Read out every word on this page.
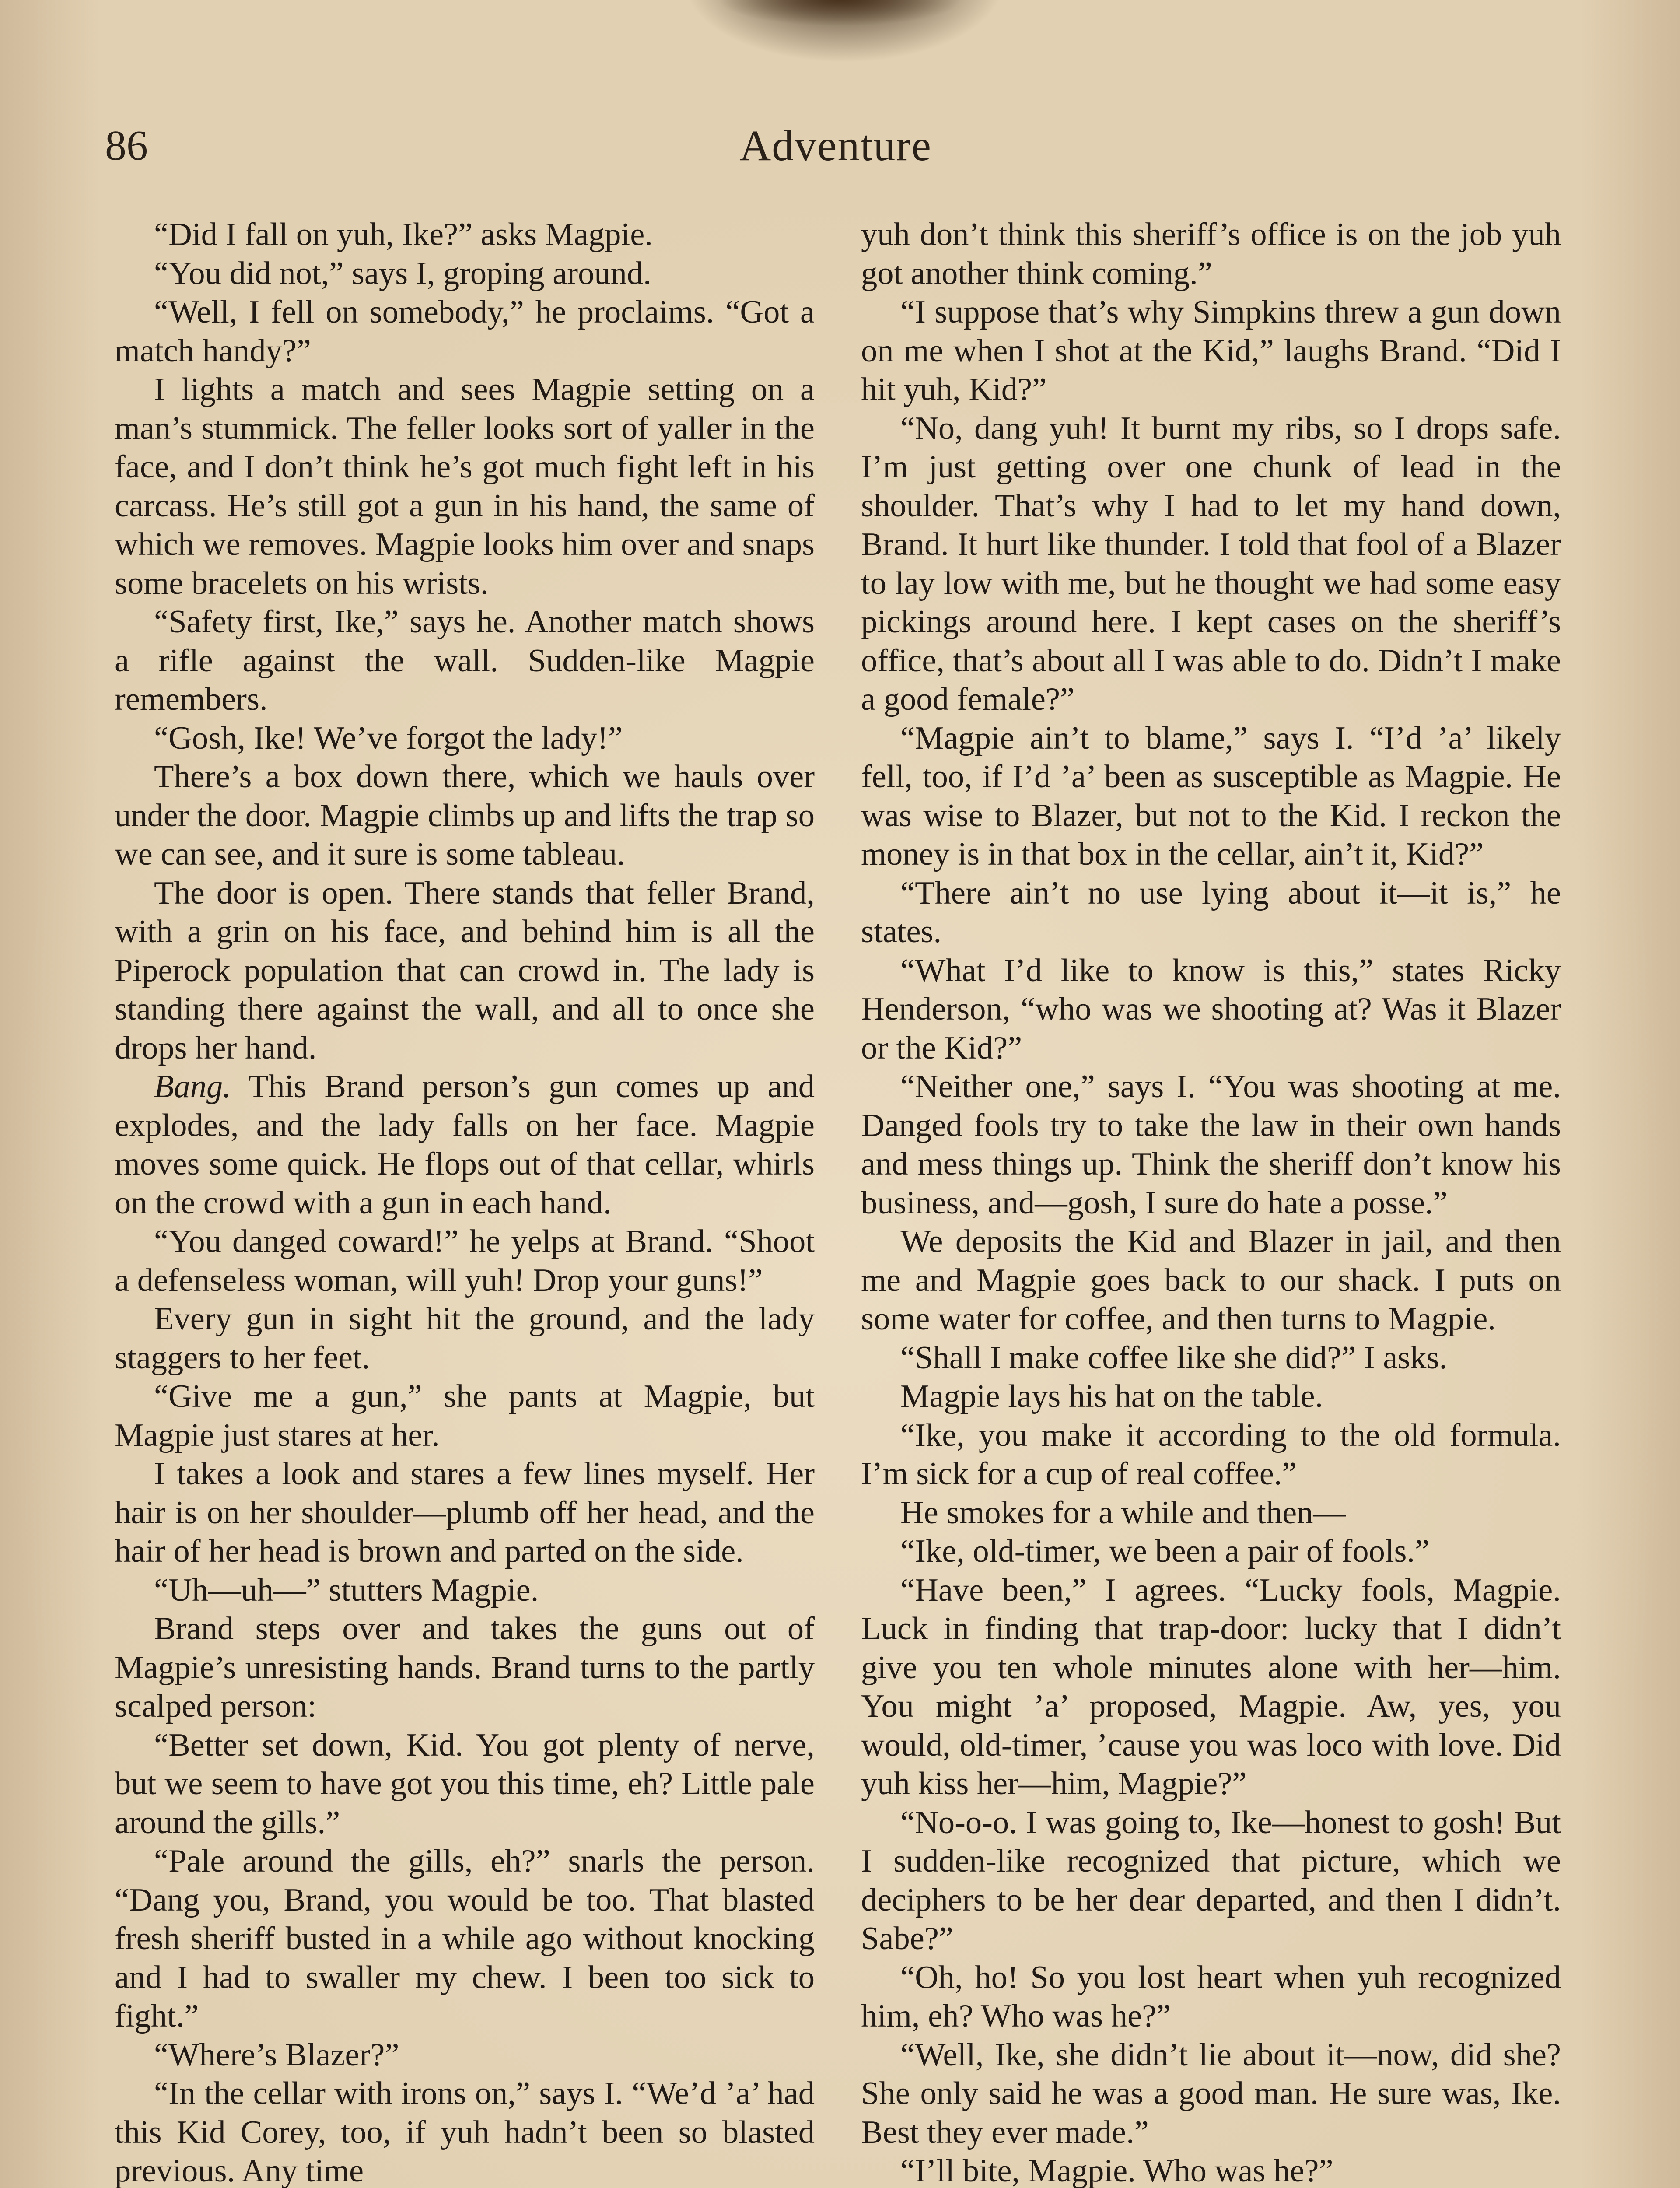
86	Adventure

“Did I fall on yuh, Ike?” asks Magpie.

“You did not,” says I, groping around.

“Well, I fell on somebody,” he proclaims. “Got a match handy?”

I lights a match and sees Magpie setting on a man’s stummick. The feller looks sort of yaller in the face, and I don’t think he’s got much fight left in his carcass. He’s still got a gun in his hand, the same of which we removes. Magpie looks him over and snaps some bracelets on his wrists.

“Safety first, Ike,” says he. Another match shows a rifle against the wall. Sudden-like Magpie remembers.

“Gosh, Ike! We’ve forgot the lady!”

There’s a box down there, which we hauls over under the door. Magpie climbs up and lifts the trap so we can see, and it sure is some tableau.

The door is open. There stands that feller Brand, with a grin on his face, and behind him is all the Piperock population that can crowd in. The lady is standing there against the wall, and all to once she drops her hand.

Bang. This Brand person’s gun comes up and explodes, and the lady falls on her face. Magpie moves some quick. He flops out of that cellar, whirls on the crowd with a gun in each hand.

“You danged coward!” he yelps at Brand. “Shoot a defenseless woman, will yuh! Drop your guns!”

Every gun in sight hit the ground, and the lady staggers to her feet.

“Give me a gun,” she pants at Magpie, but Magpie just stares at her.

I takes a look and stares a few lines myself. Her hair is on her shoulder—plumb off her head, and the hair of her head is brown and parted on the side.

“Uh—uh—” stutters Magpie.

Brand steps over and takes the guns out of Magpie’s unresisting hands. Brand turns to the partly scalped person:

“Better set down, Kid. You got plenty of nerve, but we seem to have got you this time, eh? Little pale around the gills.”

“Pale around the gills, eh?” snarls the person. “Dang you, Brand, you would be too. That blasted fresh sheriff busted in a while ago without knocking and I had to swaller my chew. I been too sick to fight.”

“Where’s Blazer?”

“In the cellar with irons on,” says I. “We’d ’a’ had this Kid Corey, too, if yuh hadn’t been so blasted previous. Any time

yuh don’t think this sheriff’s office is on the job yuh got another think coming.”

“I suppose that’s why Simpkins threw a gun down on me when I shot at the Kid,” laughs Brand. “Did I hit yuh, Kid?”

“No, dang yuh! It burnt my ribs, so I drops safe. I’m just getting over one chunk of lead in the shoulder. That’s why I had to let my hand down, Brand. It hurt like thunder. I told that fool of a Blazer to lay low with me, but he thought we had some easy pickings around here. I kept cases on the sheriff’s office, that’s about all I was able to do. Didn’t I make a good female?”

“Magpie ain’t to blame,” says I. “I’d ’a’ likely fell, too, if I’d ’a’ been as susceptible as Magpie. He was wise to Blazer, but not to the Kid. I reckon the money is in that box in the cellar, ain’t it, Kid?”

“There ain’t no use lying about it—it is,” he states.

“What I’d like to know is this,” states Ricky Henderson, “who was we shooting at? Was it Blazer or the Kid?”

“Neither one,” says I. “You was shooting at me. Danged fools try to take the law in their own hands and mess things up. Think the sheriff don’t know his business, and—gosh, I sure do hate a posse.”

We deposits the Kid and Blazer in jail, and then me and Magpie goes back to our shack. I puts on some water for coffee, and then turns to Magpie.

“Shall I make coffee like she did?” I asks.

Magpie lays his hat on the table.

“Ike, you make it according to the old formula. I’m sick for a cup of real coffee.”

He smokes for a while and then—

“Ike, old-timer, we been a pair of fools.”

“Have been,” I agrees. “Lucky fools, Magpie. Luck in finding that trap-door: lucky that I didn’t give you ten whole minutes alone with her—him. You might ’a’ proposed, Magpie. Aw, yes, you would, old-timer, ’cause you was loco with love. Did yuh kiss her—him, Magpie?”

“No-o-o. I was going to, Ike—honest to gosh! But I sudden-like recognized that picture, which we deciphers to be her dear departed, and then I didn’t. Sabe?”

“Oh, ho! So you lost heart when yuh recognized him, eh? Who was he?”

“Well, Ike, she didn’t lie about it—now, did she? She only said he was a good man. He sure was, Ike. Best they ever made.”

“I’ll bite, Magpie. Who was he?”
